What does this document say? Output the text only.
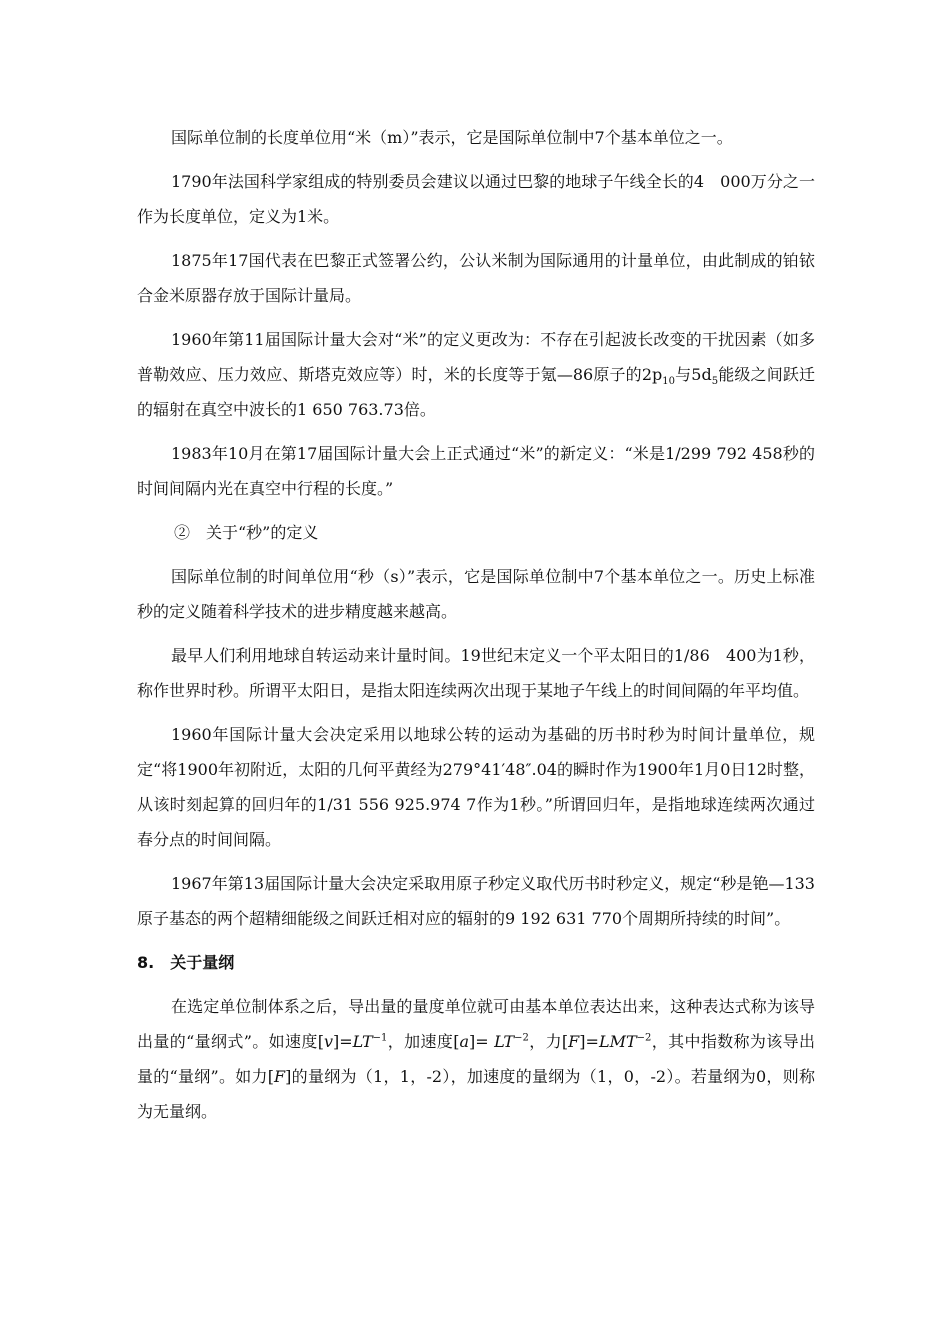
国际单位制的长度单位用“米（m）”表示，它是国际单位制中7个基本单位之一。

1790年法国科学家组成的特别委员会建议以通过巴黎的地球子午线全长的4　000万分之一作为长度单位，定义为1米。

1875年17国代表在巴黎正式签署公约，公认米制为国际通用的计量单位，由此制成的铂铱合金米原器存放于国际计量局。

1960年第11届国际计量大会对“米”的定义更改为：不存在引起波长改变的干扰因素（如多普勒效应、压力效应、斯塔克效应等）时，米的长度等于氪—86原子的$2p_{10}$与$5d_5$能级之间跃迁的辐射在真空中波长的1 650 763.73倍。

1983年10月在第17届国际计量大会上正式通过“米”的新定义：“米是1/299 792 458秒的时间间隔内光在真空中行程的长度。”

②　关于“秒”的定义

国际单位制的时间单位用“秒（s）”表示，它是国际单位制中7个基本单位之一。历史上标准秒的定义随着科学技术的进步精度越来越高。

最早人们利用地球自转运动来计量时间。19世纪末定义一个平太阳日的1/86　400为1秒，称作世界时秒。所谓平太阳日，是指太阳连续两次出现于某地子午线上的时间间隔的年平均值。

1960年国际计量大会决定采用以地球公转的运动为基础的历书时秒为时间计量单位，规定“将1900年初附近，太阳的几何平黄经为279°41′48″.04的瞬时作为1900年1月0日12时整，从该时刻起算的回归年的1/31 556 925.974 7作为1秒。”所谓回归年，是指地球连续两次通过春分点的时间间隔。

1967年第13届国际计量大会决定采取用原子秒定义取代历书时秒定义，规定“秒是铯—133原子基态的两个超精细能级之间跃迁相对应的辐射的9 192 631 770个周期所持续的时间”。

8.　关于量纲

在选定单位制体系之后，导出量的量度单位就可由基本单位表达出来，这种表达式称为该导出量的“量纲式”。如速度$[v]=LT^{-1}$，加速度$[a]= LT^{-2}$，力$[F]=LMT^{-2}$，其中指数称为该导出量的“量纲”。如力[F]的量纲为（1，1，-2），加速度的量纲为（1，0，-2）。若量纲为0，则称为无量纲。
